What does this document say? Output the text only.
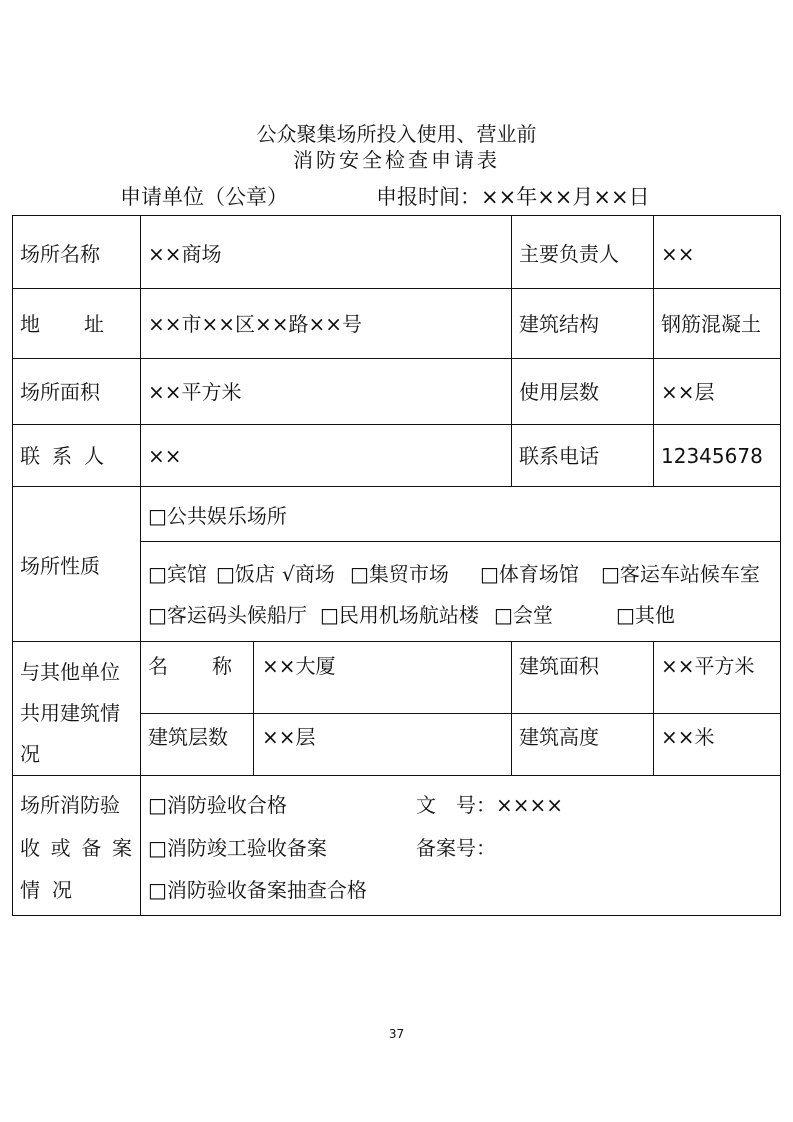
公众聚集场所投入使用、营业前
消防安全检查申请表
申请单位（公章）	申报时间：××年××月××日
场所名称 ××商场	主要负责人 ××
地 址 ××市××区××路××号	建筑结构	钢筋混凝土
场所面积 ××平方米	使用层数	××层
联 系 人 ××	联系电话	12345678
场所性质
□公共娱乐场所
□宾馆 □饭店 √商场 □集贸市场 □体育场馆 □客运车站候车室
□客运码头候船厅 □民用机场航站楼 □会堂	□其他
与其他单位共用建筑情况
名 称 ××大厦	建筑面积	××平方米
建筑层数 ××层	建筑高度	××米
场所消防验
收 或 备 案
情 况
□消防验收合格	文　号：××××
□消防竣工验收备案	备案号：
□消防验收备案抽查合格
37
